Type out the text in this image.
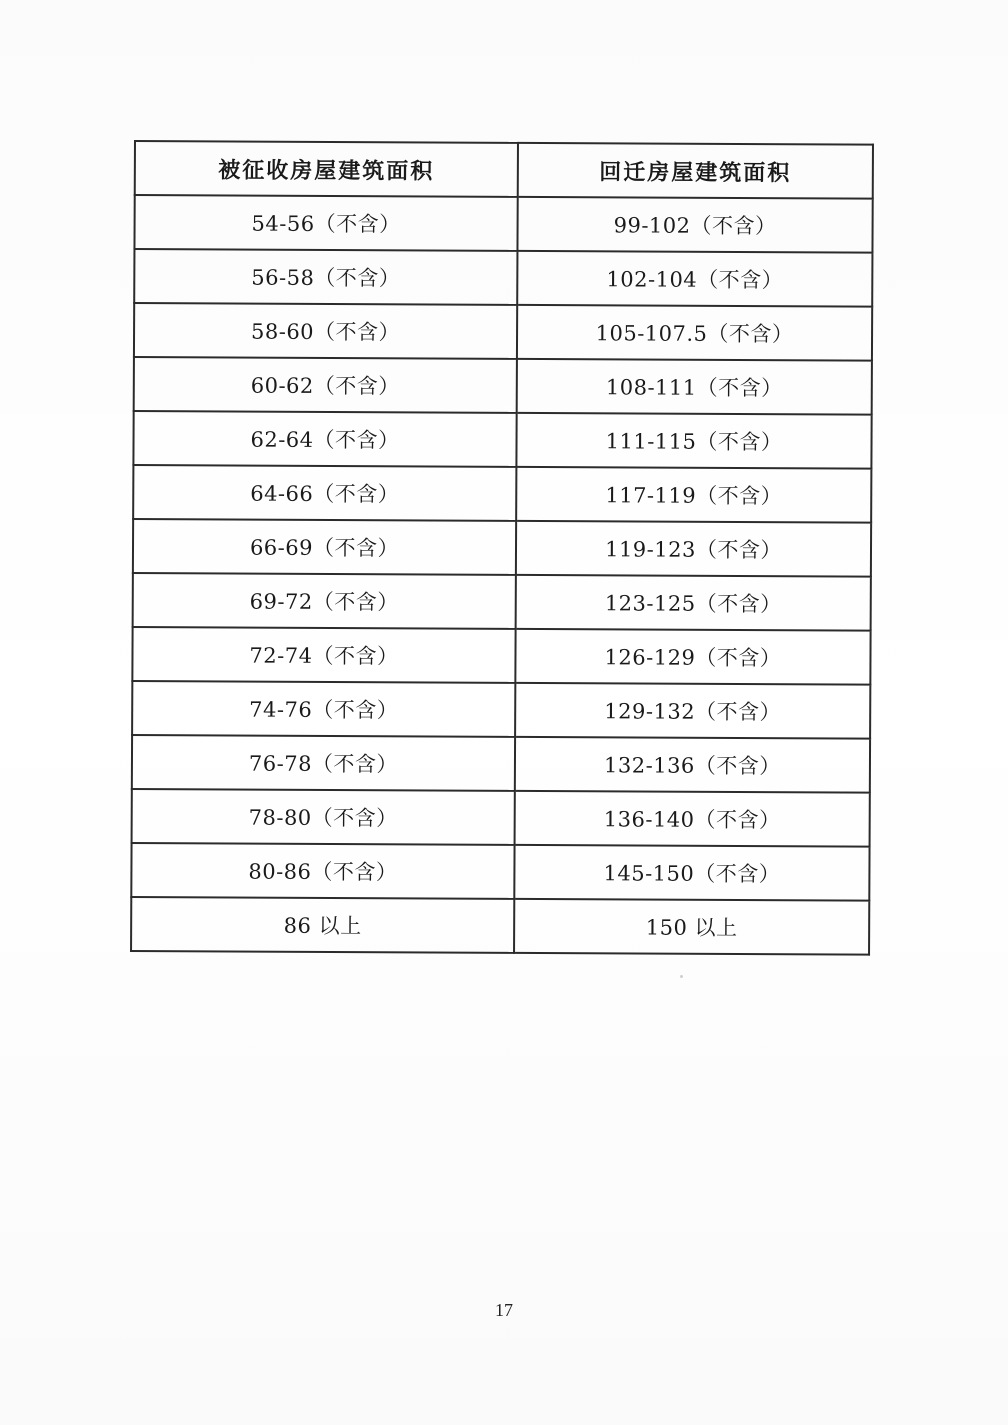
被征收房屋建筑面积	回迁房屋建筑面积
54-56（不含）	99-102（不含）
56-58（不含）	102-104（不含）
58-60（不含）	105-107.5（不含）
60-62（不含）	108-111（不含）
62-64（不含）	111-115（不含）
64-66（不含）	117-119（不含）
66-69（不含）	119-123（不含）
69-72（不含）	123-125（不含）
72-74（不含）	126-129（不含）
74-76（不含）	129-132（不含）
76-78（不含）	132-136（不含）
78-80（不含）	136-140（不含）
80-86（不含）	145-150（不含）
86 以上	150 以上
17
